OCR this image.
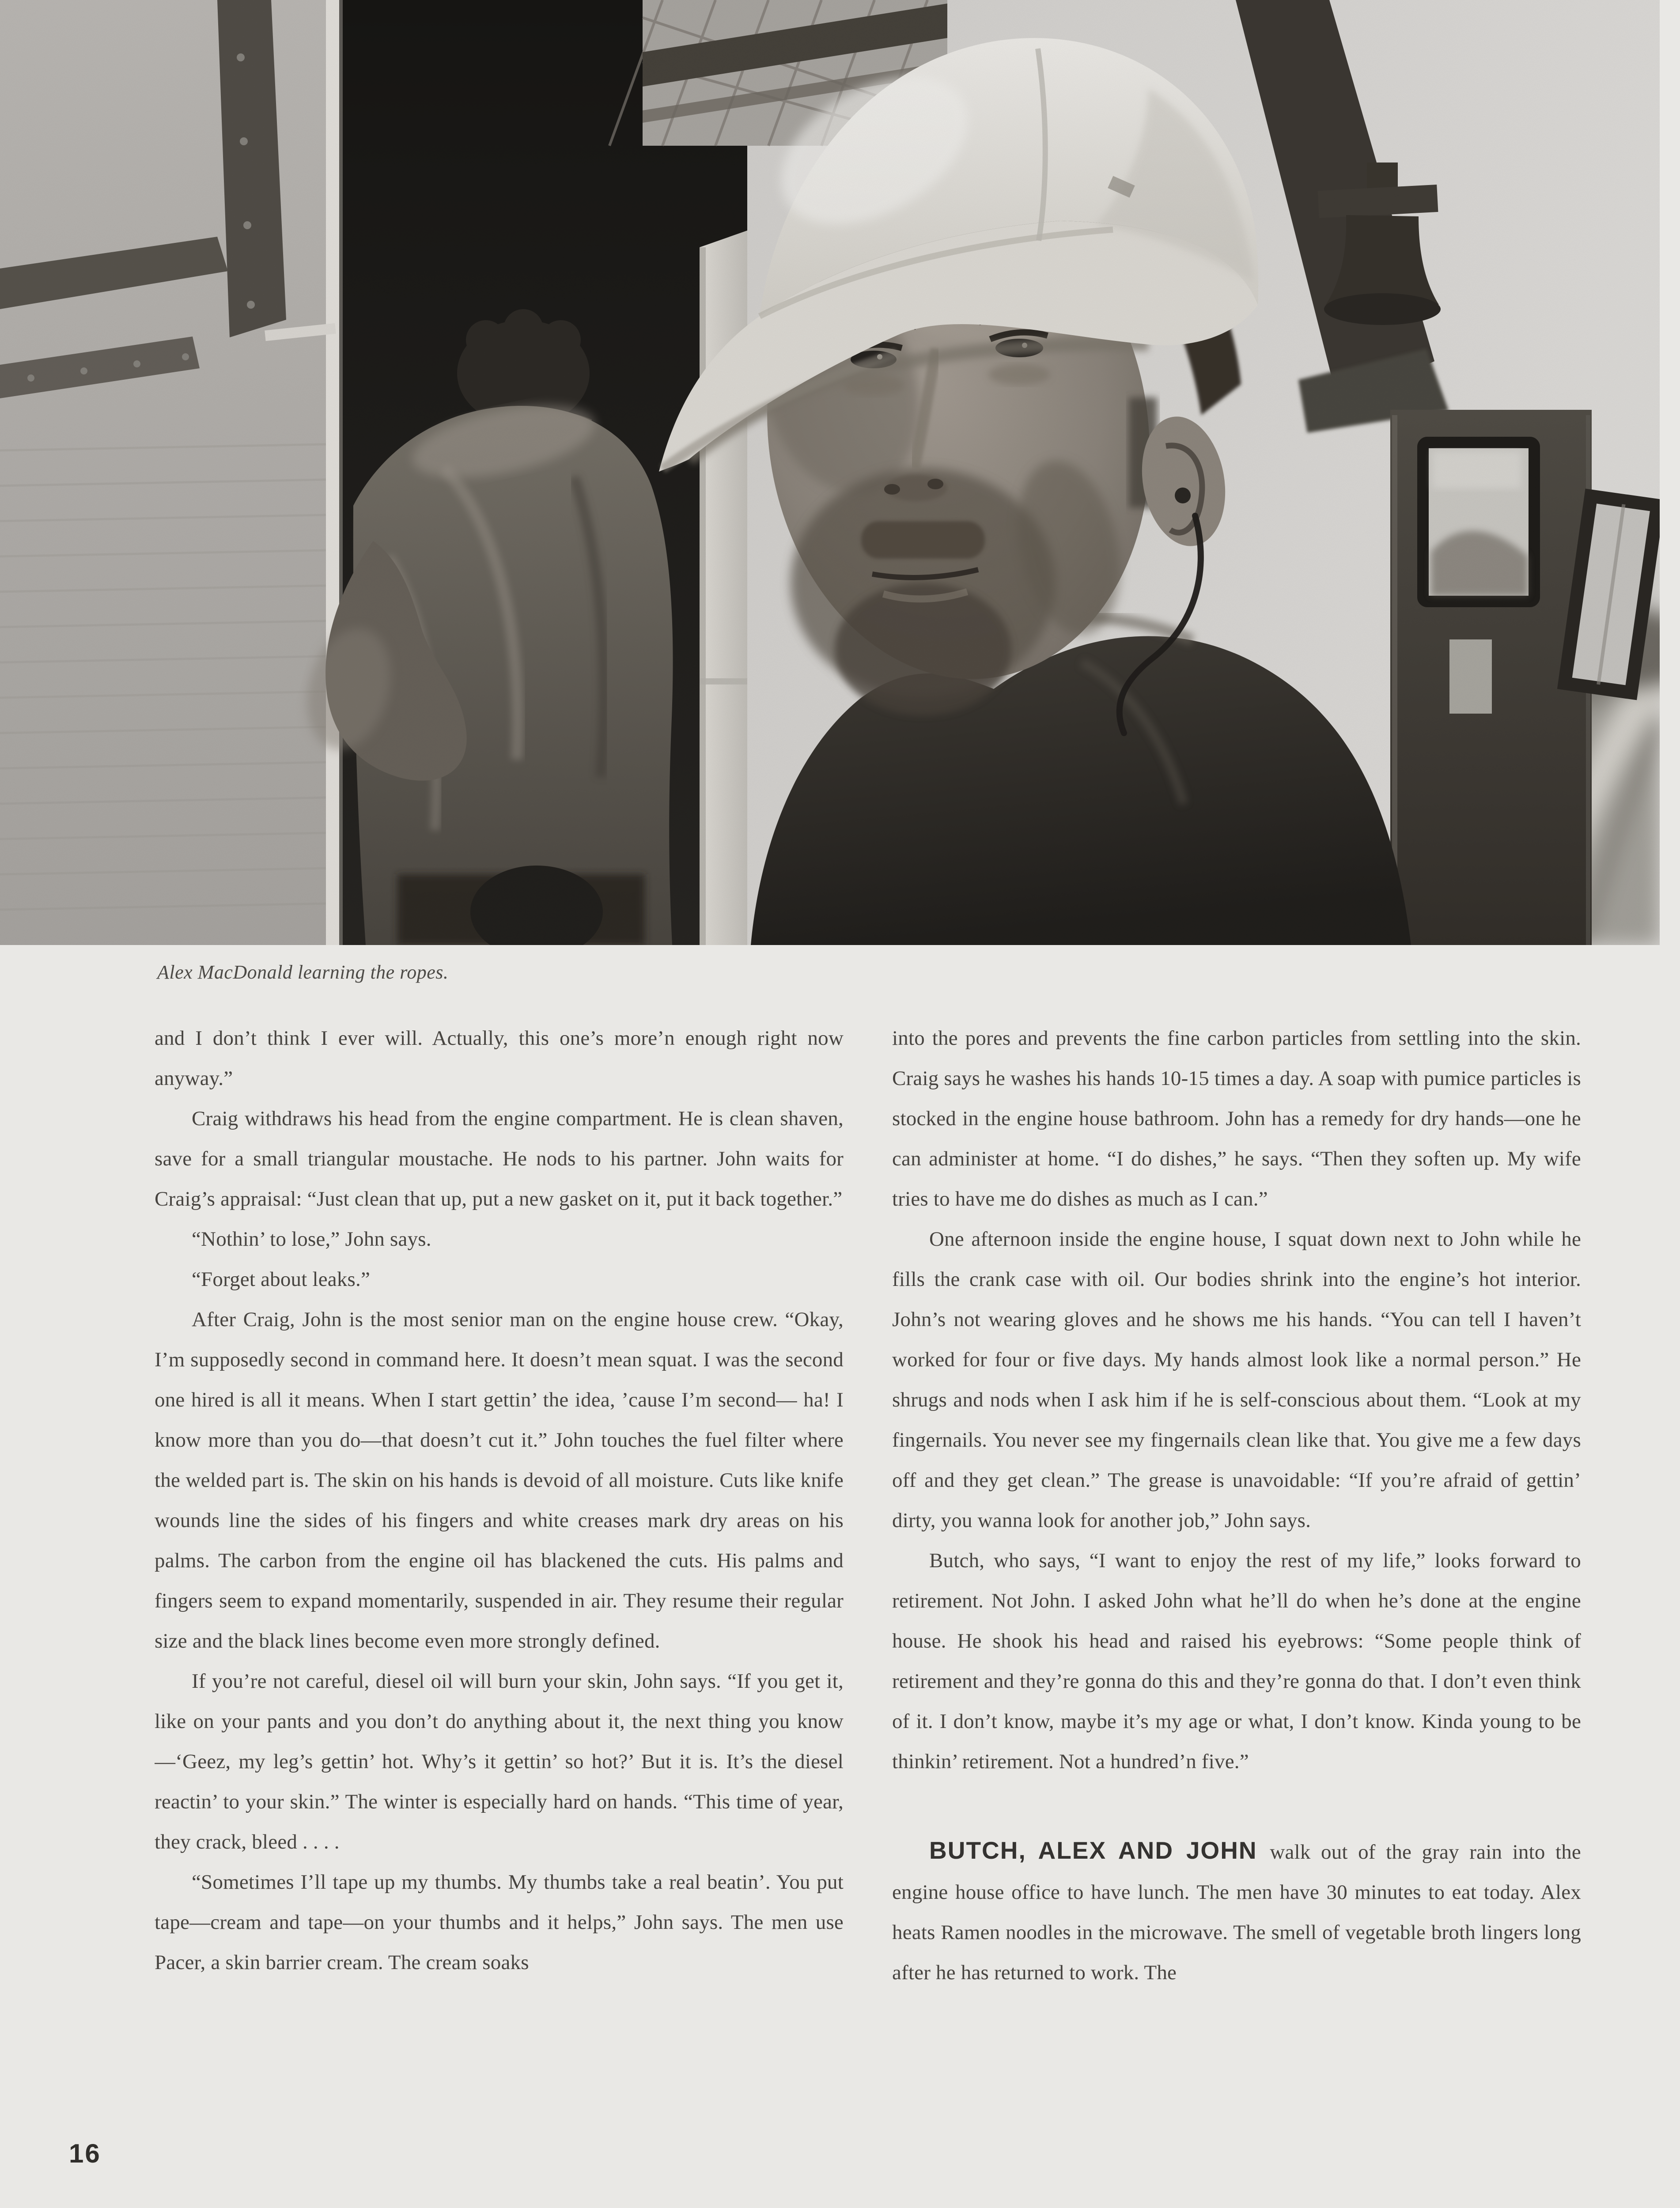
Alex MacDonald learning the ropes.

and I don’t think I ever will. Actually, this one’s more’n enough right now anyway.”

Craig withdraws his head from the engine compartment. He is clean shaven, save for a small triangular moustache. He nods to his partner. John waits for Craig’s appraisal: “Just clean that up, put a new gasket on it, put it back together.”

“Nothin’ to lose,” John says.

“Forget about leaks.”

After Craig, John is the most senior man on the engine house crew. “Okay, I’m supposedly second in command here. It doesn’t mean squat. I was the second one hired is all it means. When I start gettin’ the idea, ’cause I’m second— ha! I know more than you do—that doesn’t cut it.” John touches the fuel filter where the welded part is. The skin on his hands is devoid of all moisture. Cuts like knife wounds line the sides of his fingers and white creases mark dry areas on his palms. The carbon from the engine oil has blackened the cuts. His palms and fingers seem to expand momentarily, suspended in air. They resume their regular size and the black lines become even more strongly defined.

If you’re not careful, diesel oil will burn your skin, John says. “If you get it, like on your pants and you don’t do anything about it, the next thing you know—‘Geez, my leg’s gettin’ hot. Why’s it gettin’ so hot?’ But it is. It’s the diesel reactin’ to your skin.” The winter is especially hard on hands. “This time of year, they crack, bleed . . . .

“Sometimes I’ll tape up my thumbs. My thumbs take a real beatin’. You put tape—cream and tape—on your thumbs and it helps,” John says. The men use Pacer, a skin barrier cream. The cream soaks

into the pores and prevents the fine carbon particles from settling into the skin. Craig says he washes his hands 10-15 times a day. A soap with pumice particles is stocked in the engine house bathroom. John has a remedy for dry hands—one he can administer at home. “I do dishes,” he says. “Then they soften up. My wife tries to have me do dishes as much as I can.”

One afternoon inside the engine house, I squat down next to John while he fills the crank case with oil. Our bodies shrink into the engine’s hot interior. John’s not wearing gloves and he shows me his hands. “You can tell I haven’t worked for four or five days. My hands almost look like a normal person.” He shrugs and nods when I ask him if he is self-conscious about them. “Look at my fingernails. You never see my fingernails clean like that. You give me a few days off and they get clean.” The grease is unavoidable: “If you’re afraid of gettin’ dirty, you wanna look for another job,” John says.

Butch, who says, “I want to enjoy the rest of my life,” looks forward to retirement. Not John. I asked John what he’ll do when he’s done at the engine house. He shook his head and raised his eyebrows: “Some people think of retirement and they’re gonna do this and they’re gonna do that. I don’t even think of it. I don’t know, maybe it’s my age or what, I don’t know. Kinda young to be thinkin’ retirement. Not a hundred’n five.”

BUTCH, ALEX AND JOHN walk out of the gray rain into the engine house office to have lunch. The men have 30 minutes to eat today. Alex heats Ramen noodles in the microwave. The smell of vegetable broth lingers long after he has returned to work. The

16
